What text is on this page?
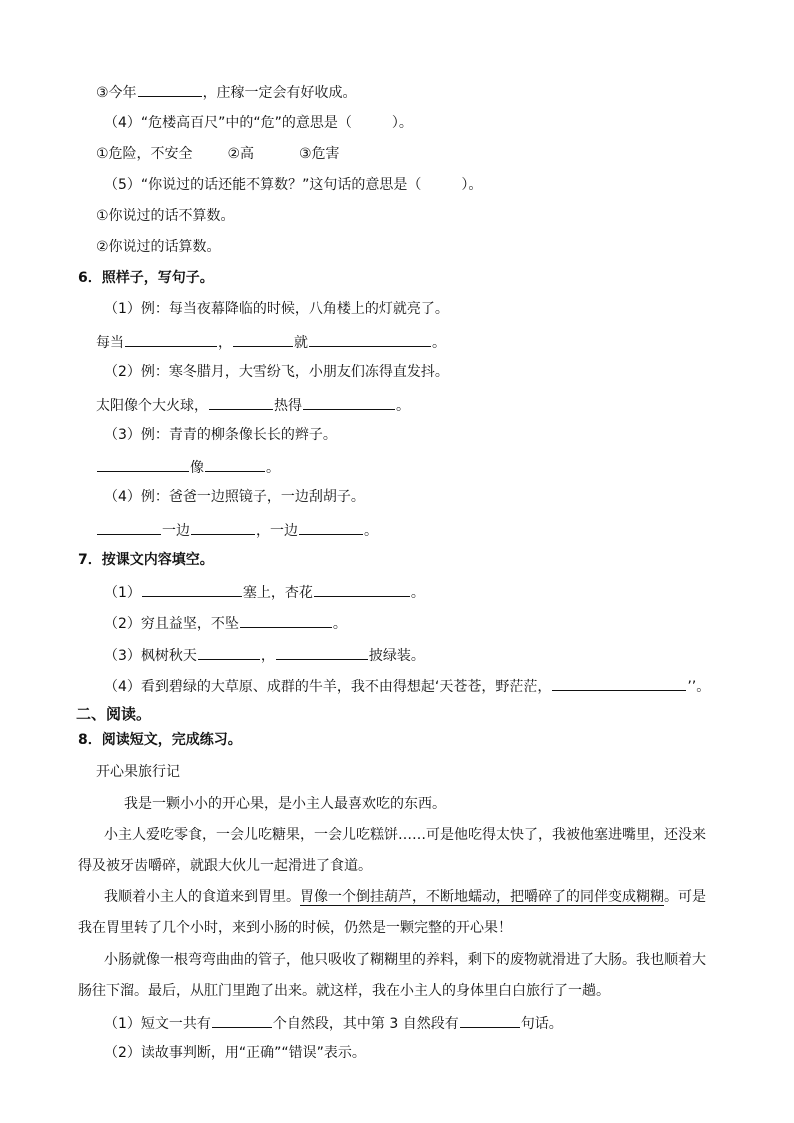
③今年	，庄稼一定会有好收成。
（4）“危楼高百尺”中的“危”的意思是（	）。
①危险，不安全 ②高	③危害
（5）“你说过的话还能不算数？”这句话的意思是（	）。
①你说过的话不算数。
②你说过的话算数。
6．照样子，写句子。
（1）例：每当夜幕降临的时候，八角楼上的灯就亮了。
每当	，	就	。
（2）例：寒冬腊月，大雪纷飞，小朋友们冻得直发抖。
太阳像个大火球，	热得	。
（3）例：青青的柳条像长长的辫子。
像	。
（4）例：爸爸一边照镜子，一边刮胡子。
一边	，一边	。
7．按课文内容填空。
（1）	塞上，杏花	。
（2）穷且益坚，不坠	。
（3）枫树秋天	，	披绿装。
（4）看到碧绿的大草原、成群的牛羊，我不由得想起‘天苍苍，野茫茫，	’’。
二、阅读。
8．阅读短文，完成练习。
开心果旅行记
我是一颗小小的开心果，是小主人最喜欢吃的东西。
小主人爱吃零食，一会儿吃糖果，一会儿吃糕饼……可是他吃得太快了，我被他塞进嘴里，还没来
得及被牙齿嚼碎，就跟大伙儿一起滑进了食道。
我顺着小主人的食道来到胃里。胃像一个倒挂葫芦，不断地蠕动，把嚼碎了的同伴变成糊糊。可是
我在胃里转了几个小时，来到小肠的时候，仍然是一颗完整的开心果！
小肠就像一根弯弯曲曲的管子，他只吸收了糊糊里的养料，剩下的废物就滑进了大肠。我也顺着大
肠往下溜。最后，从肛门里跑了出来。就这样，我在小主人的身体里白白旅行了一趟。
（1）短文一共有	个自然段，其中第 3 自然段有	句话。
（2）读故事判断，用“正确”“错误”表示。
